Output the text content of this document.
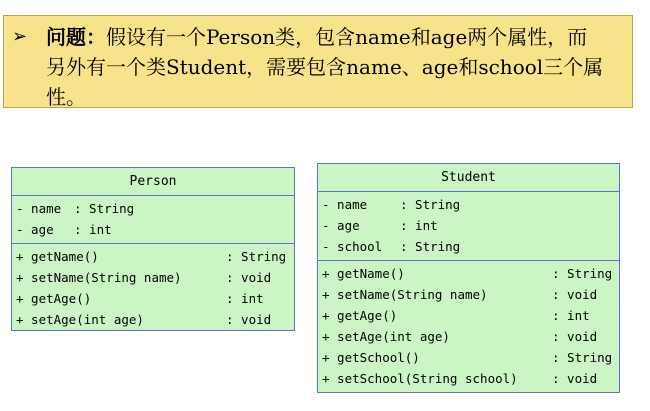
➢ 问题：假设有一个Person类，包含name和age两个属性，而另外有一个类Student，需要包含name、age和school三个属性。
Person
- name	: String
- age	: int
+ getName()	: String
+ setName(String name)	: void
+ getAge()	: int
+ setAge(int age)	: void
Student
- name	: String
- age	: int
- school	: String
+ getName()	: String
+ setName(String name)	: void
+ getAge()	: int
+ setAge(int age)	: void
+ getSchool()	: String
+ setSchool(String school)	: void
